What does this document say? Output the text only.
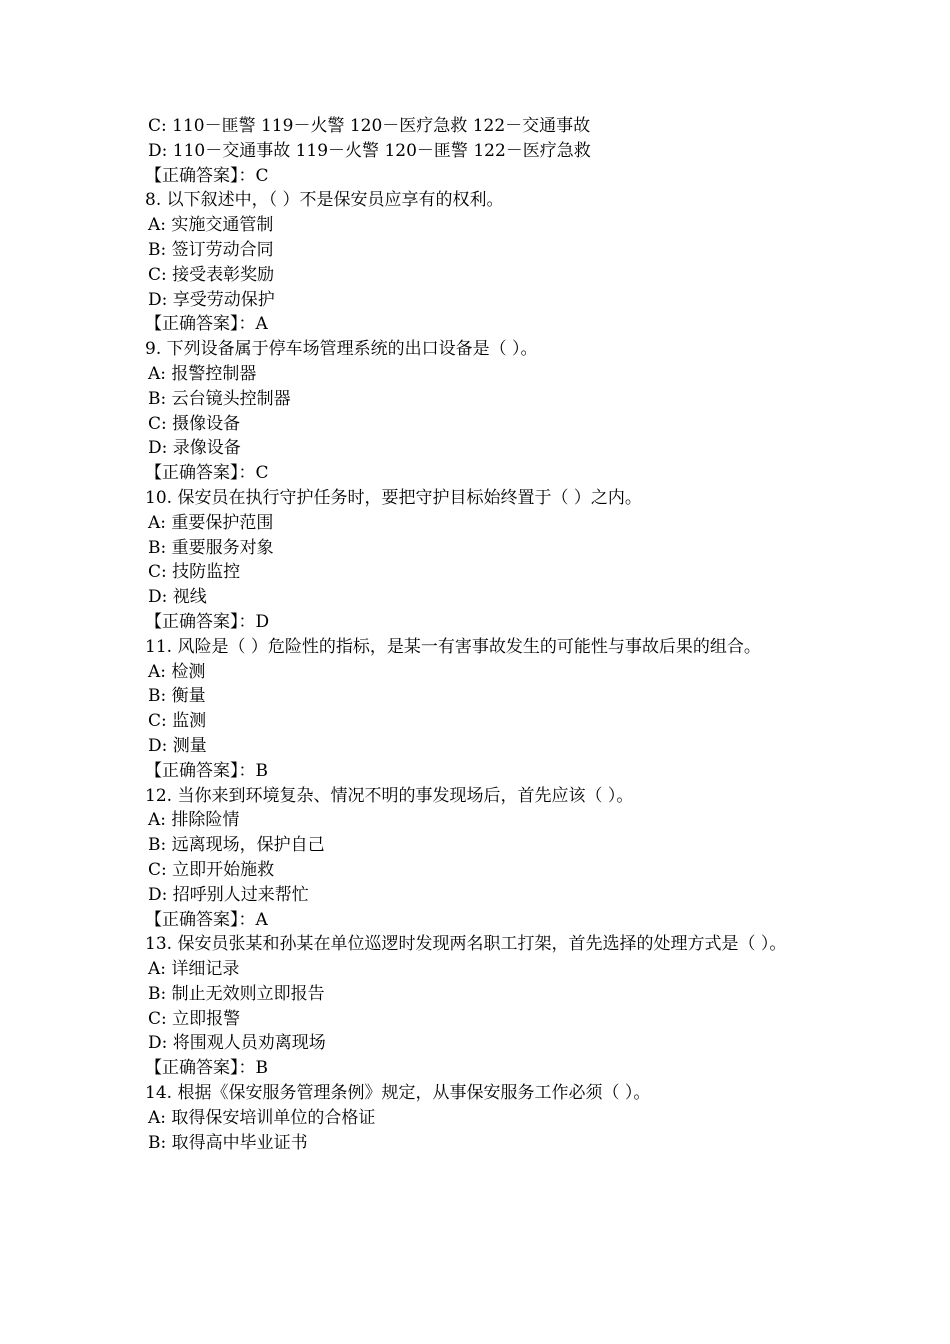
C: 110－匪警 119－火警 120－医疗急救 122－交通事故
D: 110－交通事故 119－火警 120－匪警 122－医疗急救
【正确答案】：C
8. 以下叙述中，（ ）不是保安员应享有的权利。
A: 实施交通管制
B: 签订劳动合同
C: 接受表彰奖励
D: 享受劳动保护
【正确答案】：A
9. 下列设备属于停车场管理系统的出口设备是（ ）。
A: 报警控制器
B: 云台镜头控制器
C: 摄像设备
D: 录像设备
【正确答案】：C
10. 保安员在执行守护任务时，要把守护目标始终置于（ ）之内。
A: 重要保护范围
B: 重要服务对象
C: 技防监控
D: 视线
【正确答案】：D
11. 风险是（ ）危险性的指标，是某一有害事故发生的可能性与事故后果的组合。
A: 检测
B: 衡量
C: 监测
D: 测量
【正确答案】：B
12. 当你来到环境复杂、情况不明的事发现场后，首先应该（ ）。
A: 排除险情
B: 远离现场，保护自己
C: 立即开始施救
D: 招呼别人过来帮忙
【正确答案】：A
13. 保安员张某和孙某在单位巡逻时发现两名职工打架，首先选择的处理方式是（ ）。
A: 详细记录
B: 制止无效则立即报告
C: 立即报警
D: 将围观人员劝离现场
【正确答案】：B
14. 根据《保安服务管理条例》规定，从事保安服务工作必须（ ）。
A: 取得保安培训单位的合格证
B: 取得高中毕业证书
